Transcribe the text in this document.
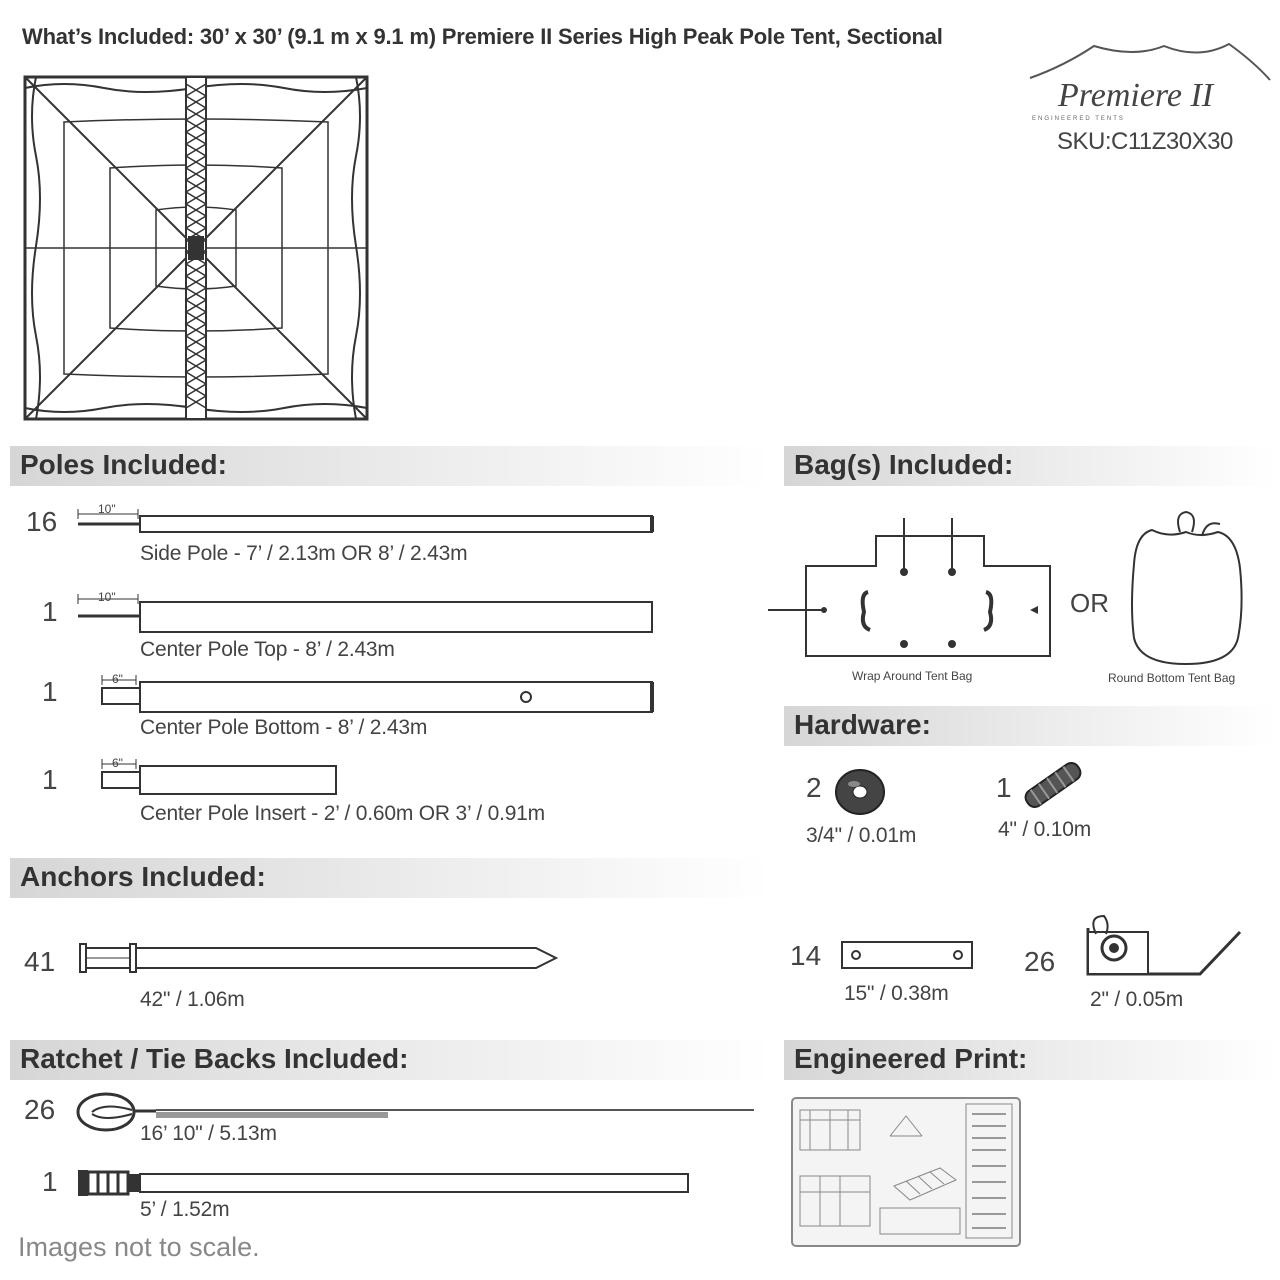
What’s Included: 30’ x 30’ (9.1 m x 9.1 m) Premiere II Series High Peak Pole Tent, Sectional
Premiere II
ENGINEERED TENTS
SKU:C11Z30X30
Poles Included:
16	10"
Side Pole - 7’ / 2.13m OR 8’ / 2.43m
1	10"
Center Pole Top - 8’ / 2.43m
1	6"
Center Pole Bottom - 8’ / 2.43m
1
6"
Center Pole Insert - 2’ / 0.60m OR 3’ / 0.91m
Bag(s) Included:
Wrap Around Tent Bag
OR
Round Bottom Tent Bag
Hardware:
2
3/4" / 0.01m
1
4" / 0.10m
Anchors Included:
41
42" / 1.06m
14
15" / 0.38m
26
2" / 0.05m
Ratchet / Tie Backs Included:
26
16’ 10" / 5.13m
1
5’ / 1.52m
Engineered Print:
Images not to scale.
